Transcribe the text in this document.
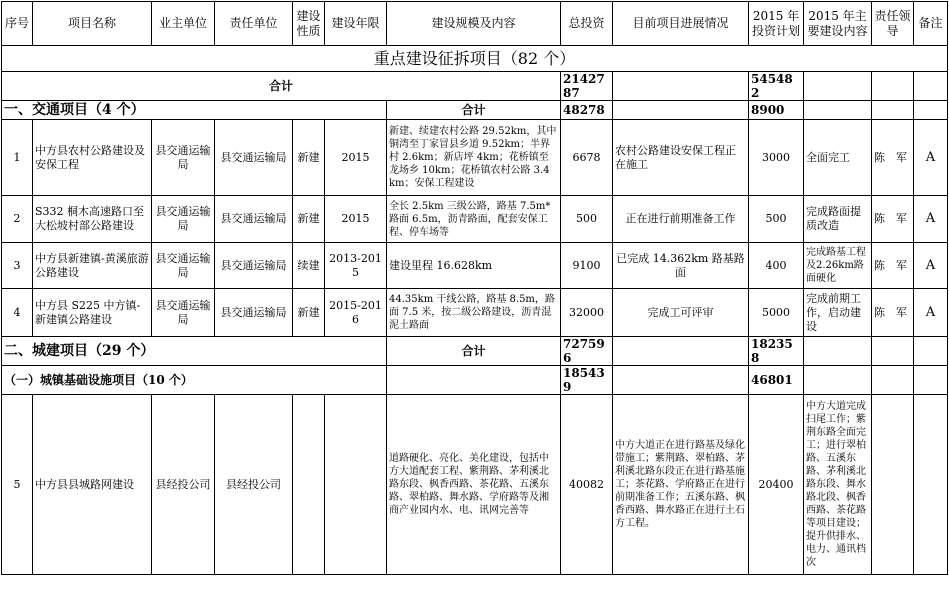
序号	项目名称	业主单位	责任单位	建设性质	建设年限	建设规模及内容	总投资	目前项目进展情况	2015 年投资计划	2015 年主要建设内容	责任领导	备注
重点建设征拆项目（82 个）												
合计							2142787		545482			
一、交通项目（4 个）						合计	48278		8900			
1	中方县农村公路建设及安保工程	县交通运输局	县交通运输局	新建	2015	新建、续建农村公路 29.52km，其中铜湾至丁家冒县乡道 9.52km；半界村 2.6km；新店坪 4km；花桥镇至龙场乡 10km；花桥镇农村公路 3.4 km；安保工程建设	6678	农村公路建设安保工程正在施工	3000	全面完工	陈　军	A
2	S332 桐木高速路口至大松坡村部公路建设	县交通运输局	县交通运输局	新建	2015	全长 2.5km 三级公路，路基 7.5m*路面 6.5m，沥青路面，配套安保工程、停车场等	500	正在进行前期准备工作	500	完成路面提质改造	陈　军	A
3	中方县新建镇-黄溪旅游公路建设	县交通运输局	县交通运输局	续建	2013-2015	建设里程 16.628km	9100	已完成 14.362km 路基路面	400	完成路基工程及2.26km路面硬化	陈　军	A
4	中方县 S225 中方镇-新建镇公路建设	县交通运输局	县交通运输局	新建	2015-2016	44.35km 干线公路，路基 8.5m，路面 7.5 米，按二级公路建设，沥青混泥土路面	32000	完成工可评审	5000	完成前期工作，启动建设	陈　军	A
二、城建项目（29 个）						合计	727596		182358			
（一）城镇基础设施项目（10 个）							185439		46801			
5	中方县县城路网建设	县经投公司	县经投公司			道路硬化、亮化、美化建设，包括中方大道配套工程、紫荆路、茅利溪北路东段、枫香西路、茶花路、五溪东路、翠柏路、舞水路、学府路等及湘商产业园内水、电、讯网完善等	40082	中方大道正在进行路基及绿化带施工；紫荆路、翠柏路、茅利溪北路东段正在进行路基施工；茶花路、学府路正在进行前期准备工作；五溪东路、枫香西路、舞水路正在进行土石方工程。	20400	中方大道完成扫尾工作；紫荆东路全面完工；进行翠柏路、五溪东路、茅利溪北路东段、舞水路北段、枫香西路、茶花路等项目建设；提升供排水、电力、通讯档次		
